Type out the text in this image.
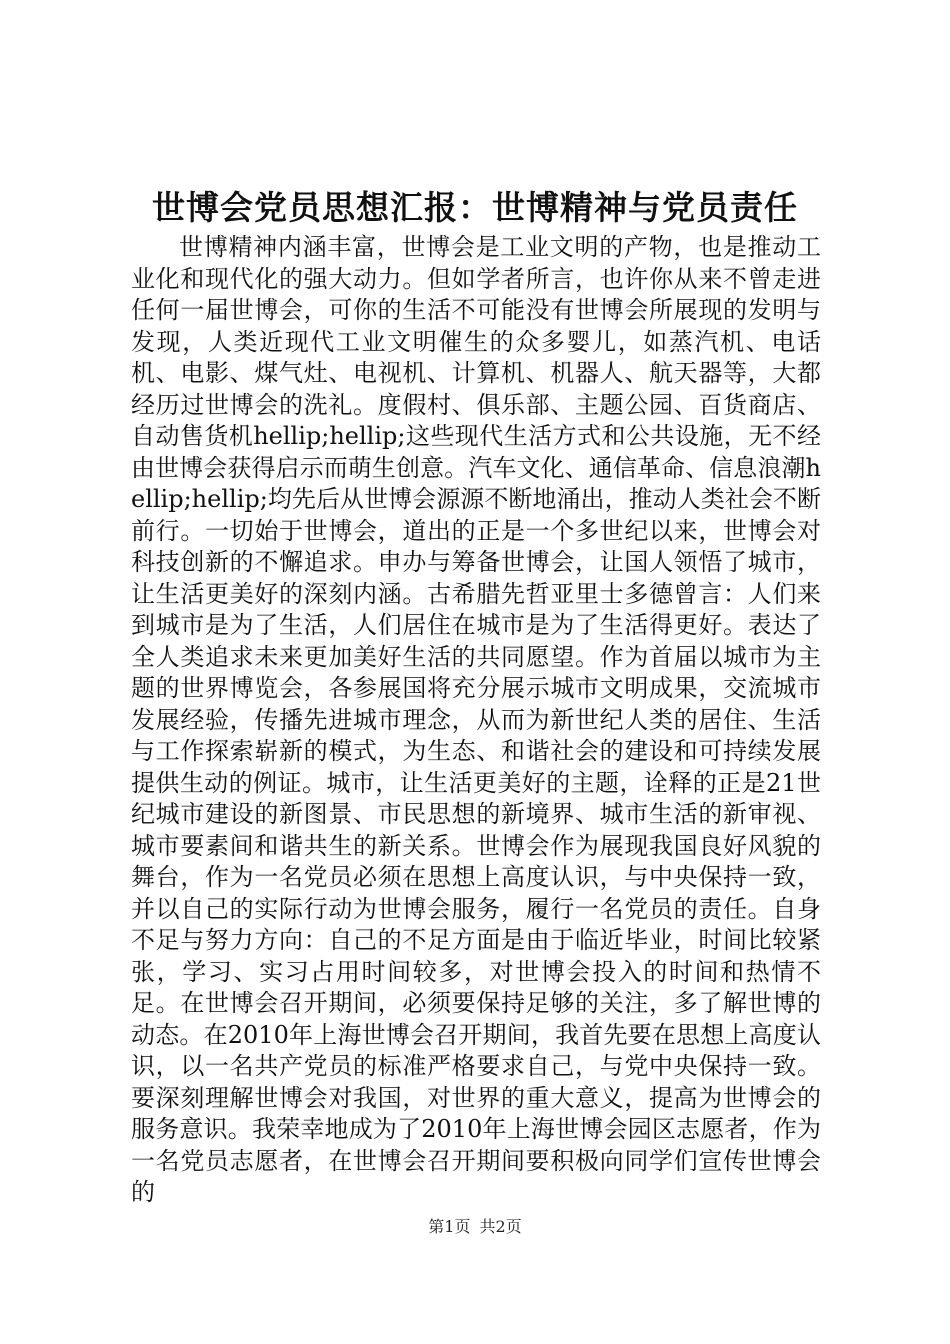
世博会党员思想汇报：世博精神与党员责任

世博精神内涵丰富，世博会是工业文明的产物，也是推动工业化和现代化的强大动力。但如学者所言，也许你从来不曾走进任何一届世博会，可你的生活不可能没有世博会所展现的发明与发现，人类近现代工业文明催生的众多婴儿，如蒸汽机、电话机、电影、煤气灶、电视机、计算机、机器人、航天器等，大都经历过世博会的洗礼。度假村、俱乐部、主题公园、百货商店、自动售货机hellip;hellip;这些现代生活方式和公共设施，无不经由世博会获得启示而萌生创意。汽车文化、通信革命、信息浪潮hellip;hellip;均先后从世博会源源不断地涌出，推动人类社会不断前行。一切始于世博会，道出的正是一个多世纪以来，世博会对科技创新的不懈追求。申办与筹备世博会，让国人领悟了城市，让生活更美好的深刻内涵。古希腊先哲亚里士多德曾言：人们来到城市是为了生活，人们居住在城市是为了生活得更好。表达了全人类追求未来更加美好生活的共同愿望。作为首届以城市为主题的世界博览会，各参展国将充分展示城市文明成果，交流城市发展经验，传播先进城市理念，从而为新世纪人类的居住、生活与工作探索崭新的模式，为生态、和谐社会的建设和可持续发展提供生动的例证。城市，让生活更美好的主题，诠释的正是21世纪城市建设的新图景、市民思想的新境界、城市生活的新审视、城市要素间和谐共生的新关系。世博会作为展现我国良好风貌的舞台，作为一名党员必须在思想上高度认识，与中央保持一致，并以自己的实际行动为世博会服务，履行一名党员的责任。自身不足与努力方向：自己的不足方面是由于临近毕业，时间比较紧张，学习、实习占用时间较多，对世博会投入的时间和热情不足。在世博会召开期间，必须要保持足够的关注，多了解世博的动态。在2010年上海世博会召开期间，我首先要在思想上高度认识，以一名共产党员的标准严格要求自己，与党中央保持一致。要深刻理解世博会对我国，对世界的重大意义，提高为世博会的服务意识。我荣幸地成为了2010年上海世博会园区志愿者，作为一名党员志愿者，在世博会召开期间要积极向同学们宣传世博会的

第1页 共2页
